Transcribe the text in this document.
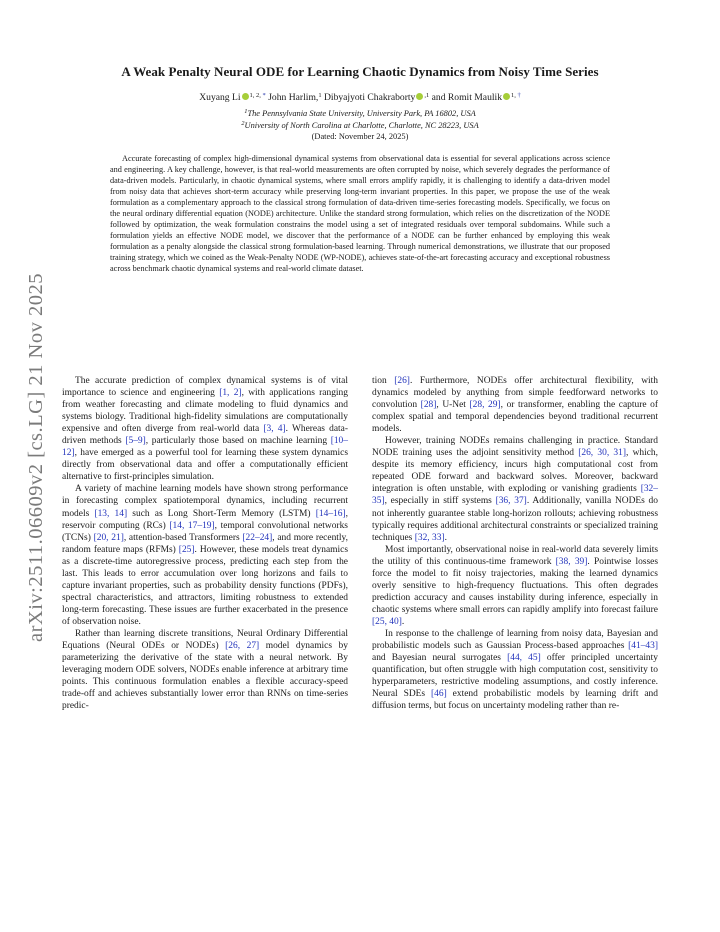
arXiv:2511.06609v2 [cs.LG] 21 Nov 2025
A Weak Penalty Neural ODE for Learning Chaotic Dynamics from Noisy Time Series
Xuyang Li $^{1, 2, *}$ John Harlim,$^1$ Dibyajyoti Chakraborty $^{,1}$ and Romit Maulik $^{1, \dagger}$
$^1$The Pennsylvania State University, University Park, PA 16802, USA
$^2$University of North Carolina at Charlotte, Charlotte, NC 28223, USA
(Dated: November 24, 2025)
Accurate forecasting of complex high-dimensional dynamical systems from observational data is essential for several applications across science and engineering. A key challenge, however, is that real-world measurements are often corrupted by noise, which severely degrades the performance of data-driven models. Particularly, in chaotic dynamical systems, where small errors amplify rapidly, it is challenging to identify a data-driven model from noisy data that achieves short-term accuracy while preserving long-term invariant properties. In this paper, we propose the use of the weak formulation as a complementary approach to the classical strong formulation of data-driven time-series forecasting models. Specifically, we focus on the neural ordinary differential equation (NODE) architecture. Unlike the standard strong formulation, which relies on the discretization of the NODE followed by optimization, the weak formulation constrains the model using a set of integrated residuals over temporal subdomains. While such a formulation yields an effective NODE model, we discover that the performance of a NODE can be further enhanced by employing this weak formulation as a penalty alongside the classical strong formulation-based learning. Through numerical demonstrations, we illustrate that our proposed training strategy, which we coined as the Weak-Penalty NODE (WP-NODE), achieves state-of-the-art forecasting accuracy and exceptional robustness across benchmark chaotic dynamical systems and real-world climate dataset.

The accurate prediction of complex dynamical systems is of vital importance to science and engineering [1, 2], with applications ranging from weather forecasting and climate modeling to fluid dynamics and systems biology. Traditional high-fidelity simulations are computationally expensive and often diverge from real-world data [3, 4]. Whereas data-driven methods [5–9], particularly those based on machine learning [10–12], have emerged as a powerful tool for learning these system dynamics directly from observational data and offer a computationally efficient alternative to first-principles simulation.

A variety of machine learning models have shown strong performance in forecasting complex spatiotemporal dynamics, including recurrent models [13, 14] such as Long Short-Term Memory (LSTM) [14–16], reservoir computing (RCs) [14, 17–19], temporal convolutional networks (TCNs) [20, 21], attention-based Transformers [22–24], and more recently, random feature maps (RFMs) [25]. However, these models treat dynamics as a discrete-time autoregressive process, predicting each step from the last. This leads to error accumulation over long horizons and fails to capture invariant properties, such as probability density functions (PDFs), spectral characteristics, and attractors, limiting robustness to extended long-term forecasting. These issues are further exacerbated in the presence of observation noise.

Rather than learning discrete transitions, Neural Ordinary Differential Equations (Neural ODEs or NODEs) [26, 27] model dynamics by parameterizing the derivative of the state with a neural network. By leveraging modern ODE solvers, NODEs enable inference at arbitrary time points. This continuous formulation enables a flexible accuracy-speed trade-off and achieves substantially lower error than RNNs on time-series predic-

tion [26]. Furthermore, NODEs offer architectural flexibility, with dynamics modeled by anything from simple feedforward networks to convolution [28], U-Net [28, 29], or transformer, enabling the capture of complex spatial and temporal dependencies beyond traditional recurrent models.

However, training NODEs remains challenging in practice. Standard NODE training uses the adjoint sensitivity method [26, 30, 31], which, despite its memory efficiency, incurs high computational cost from repeated ODE forward and backward solves. Moreover, backward integration is often unstable, with exploding or vanishing gradients [32–35], especially in stiff systems [36, 37]. Additionally, vanilla NODEs do not inherently guarantee stable long-horizon rollouts; achieving robustness typically requires additional architectural constraints or specialized training techniques [32, 33].

Most importantly, observational noise in real-world data severely limits the utility of this continuous-time framework [38, 39]. Pointwise losses force the model to fit noisy trajectories, making the learned dynamics overly sensitive to high-frequency fluctuations. This often degrades prediction accuracy and causes instability during inference, especially in chaotic systems where small errors can rapidly amplify into forecast failure [25, 40].

In response to the challenge of learning from noisy data, Bayesian and probabilistic models such as Gaussian Process-based approaches [41–43] and Bayesian neural surrogates [44, 45] offer principled uncertainty quantification, but often struggle with high computation cost, sensitivity to hyperparameters, restrictive modeling assumptions, and costly inference. Neural SDEs [46] extend probabilistic models by learning drift and diffusion terms, but focus on uncertainty modeling rather than re-
